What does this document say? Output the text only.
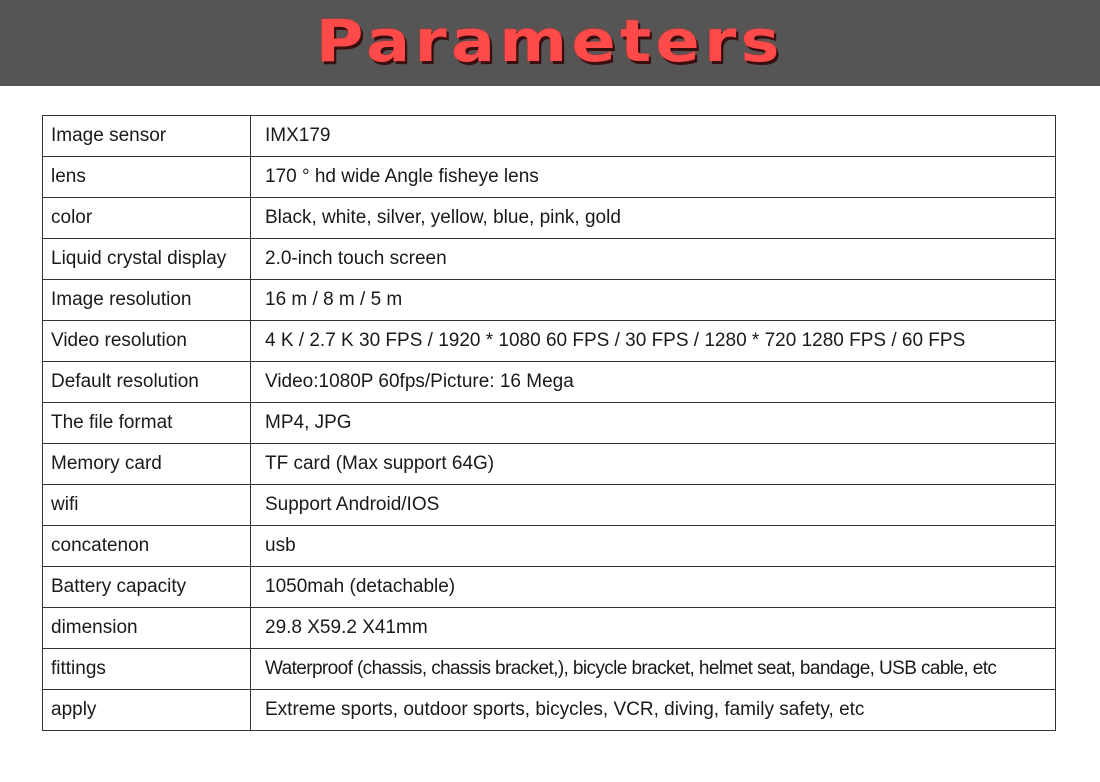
Parameters
Image sensor	IMX179
lens	170 ° hd wide Angle fisheye lens
color	Black, white, silver, yellow, blue, pink, gold
Liquid crystal display	2.0-inch touch screen
Image resolution	16 m / 8 m / 5 m
Video resolution	4 K / 2.7 K 30 FPS / 1920 * 1080 60 FPS / 30 FPS / 1280 * 720 1280 FPS / 60 FPS
Default resolution	Video:1080P 60fps/Picture: 16 Mega
The file format	MP4, JPG
Memory card	TF card (Max support 64G)
wifi	Support Android/IOS
concatenon	usb
Battery capacity	1050mah (detachable)
dimension	29.8 X59.2 X41mm
fittings	Waterproof (chassis, chassis bracket,), bicycle bracket, helmet seat, bandage, USB cable, etc
apply	Extreme sports, outdoor sports, bicycles, VCR, diving, family safety, etc
